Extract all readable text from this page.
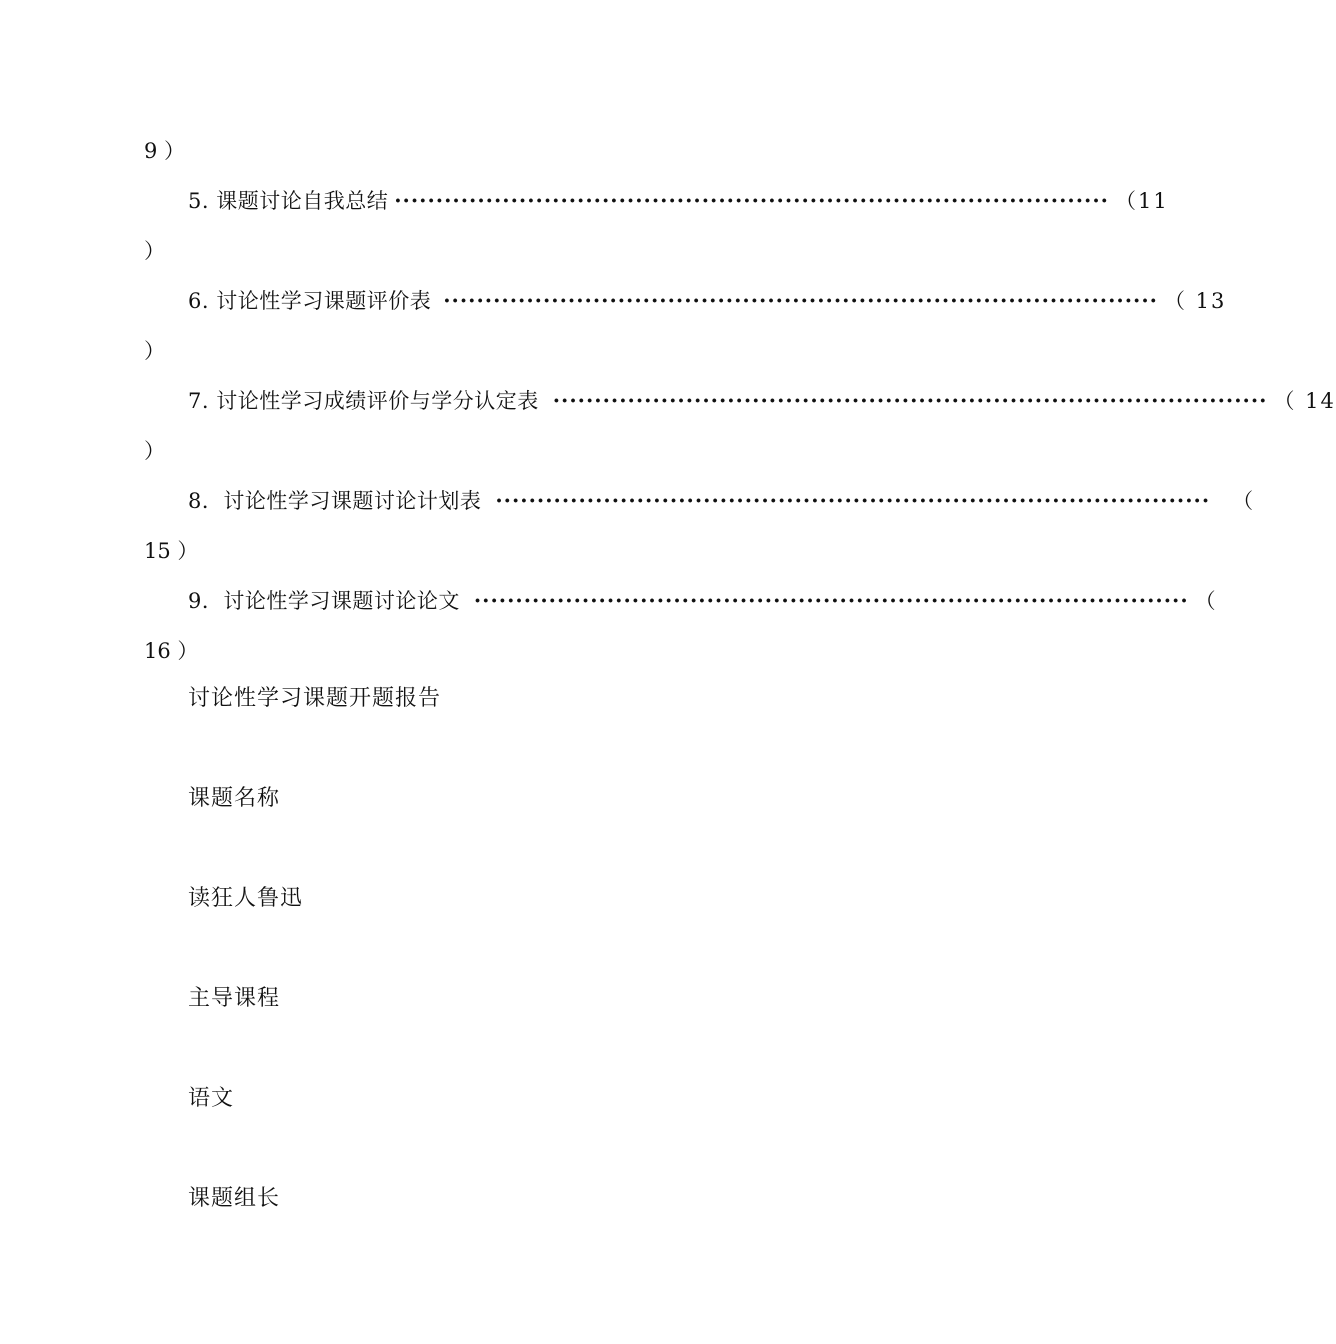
9 ）
5. 课题讨论自我总结 ······················································································ （11
）
6. 讨论性学习课题评价表 ······················································································ （ 13
）
7. 讨论性学习成绩评价与学分认定表 ······················································································ （ 14
）
8．讨论性学习课题讨论计划表 ······················································································ （
15 ）
9．讨论性学习课题讨论论文 ······················································································ （
16 ）
讨论性学习课题开题报告
课题名称
读狂人鲁迅
主导课程
语文
课题组长
